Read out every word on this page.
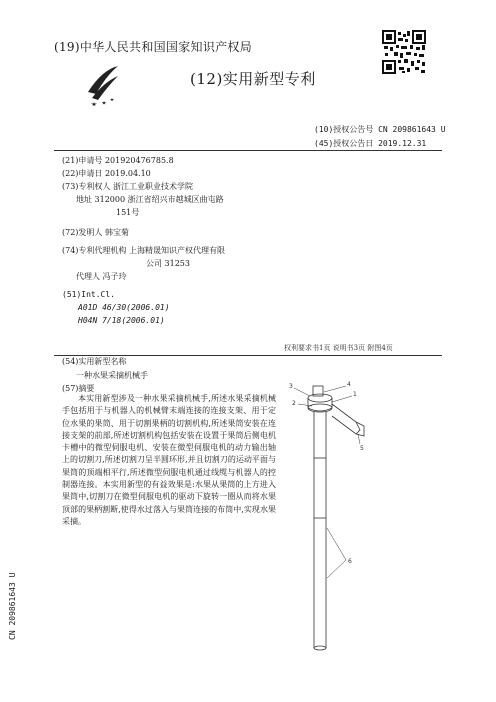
(19)中华人民共和国国家知识产权局
(12)实用新型专利
(10)授权公告号 CN 209861643 U
(45)授权公告日 2019.12.31
(21)申请号 201920476785.8
(22)申请日 2019.04.10
(73)专利权人 浙江工业职业技术学院
地址 312000 浙江省绍兴市越城区曲屯路
151号
(72)发明人 韩宝菊
(74)专利代理机构 上海精晟知识产权代理有限
公司 31253
代理人 冯子玲
(51)Int.Cl.
A01D 46/30(2006.01)
H04N 7/18(2006.01)
权利要求书1页 说明书3页 附图4页
(54)实用新型名称
一种水果采摘机械手
(57)摘要
本实用新型涉及一种水果采摘机械手,所述水果采摘机械手包括用于与机器人的机械臂末端连接的连接支架、用于定位水果的果筒、用于切割果柄的切割机构,所述果筒安装在连接支架的前部,所述切割机构包括安装在设置于果筒后侧电机卡槽中的微型伺服电机、安装在微型伺服电机的动力输出轴上的切割刀,所述切割刀呈半圆环形,并且切割刀的运动平面与果筒的顶端相平行,所述微型伺服电机通过线缆与机器人的控制器连接。本实用新型的有益效果是:水果从果筒的上方进入果筒中,切割刀在微型伺服电机的驱动下旋转一圈从而将水果顶部的果柄割断,使得水过落入与果筒连接的布筒中,实现水果采摘。
CN 209861643 U
3
2
4
1
5
6
